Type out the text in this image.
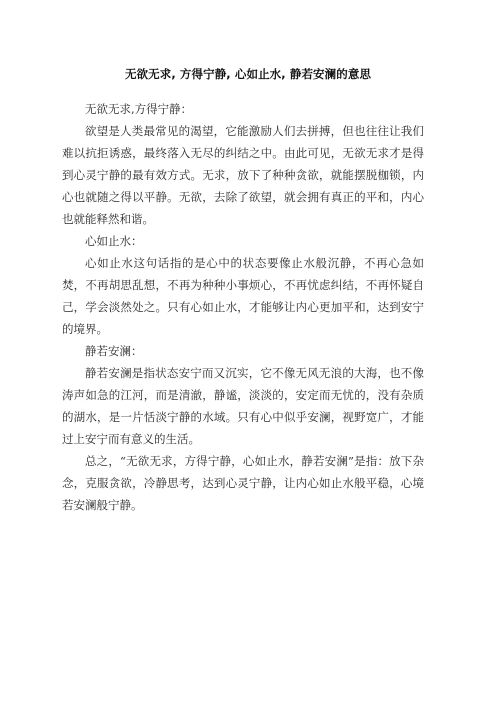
无欲无求, 方得宁静, 心如止水, 静若安澜的意思

无欲无求,方得宁静：

欲望是人类最常见的渴望，它能激励人们去拼搏，但也往往让我们难以抗拒诱惑，最终落入无尽的纠结之中。由此可见，无欲无求才是得到心灵宁静的最有效方式。无求，放下了种种贪欲，就能摆脱枷锁，内心也就随之得以平静。无欲，去除了欲望，就会拥有真正的平和，内心也就能释然和谐。

心如止水：

心如止水这句话指的是心中的状态要像止水般沉静，不再心急如焚，不再胡思乱想，不再为种种小事烦心，不再忧虑纠结，不再怀疑自己，学会淡然处之。只有心如止水，才能够让内心更加平和，达到安宁的境界。

静若安澜：

静若安澜是指状态安宁而又沉实，它不像无风无浪的大海，也不像涛声如急的江河，而是清澈，静谧，淡淡的，安定而无忧的，没有杂质的湖水，是一片恬淡宁静的水域。只有心中似乎安澜，视野宽广，才能过上安宁而有意义的生活。

总之，“无欲无求，方得宁静，心如止水，静若安澜”是指：放下杂念，克服贪欲，冷静思考，达到心灵宁静，让内心如止水般平稳，心境若安澜般宁静。
